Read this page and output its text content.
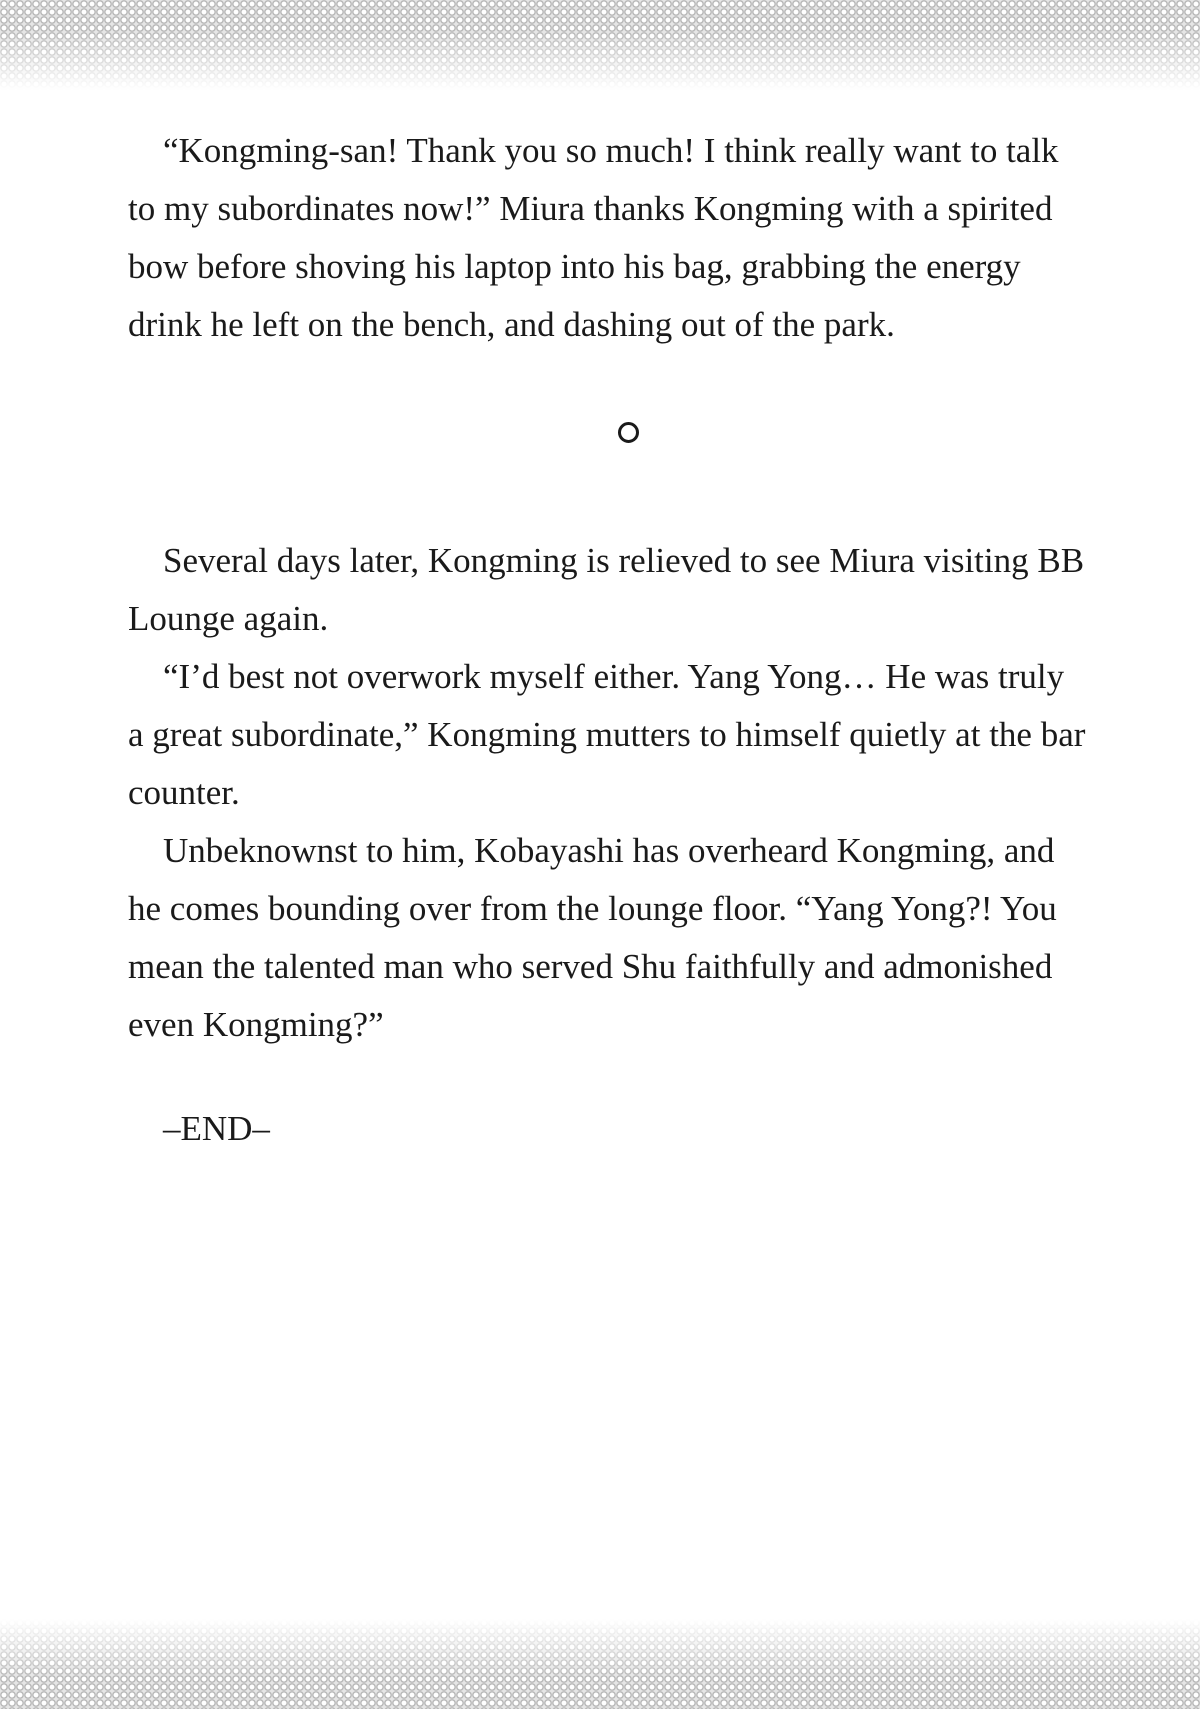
“Kongming-san! Thank you so much! I think really want to talk to my subordinates now!” Miura thanks Kongming with a spirited bow before shoving his laptop into his bag, grabbing the energy drink he left on the bench, and dashing out of the park.

Several days later, Kongming is relieved to see Miura visiting BB Lounge again.

“I’d best not overwork myself either. Yang Yong… He was truly a great subordinate,” Kongming mutters to himself quietly at the bar counter.

Unbeknownst to him, Kobayashi has overheard Kongming, and he comes bounding over from the lounge floor. “Yang Yong?! You mean the talented man who served Shu faithfully and admonished even Kongming?”

–END–
